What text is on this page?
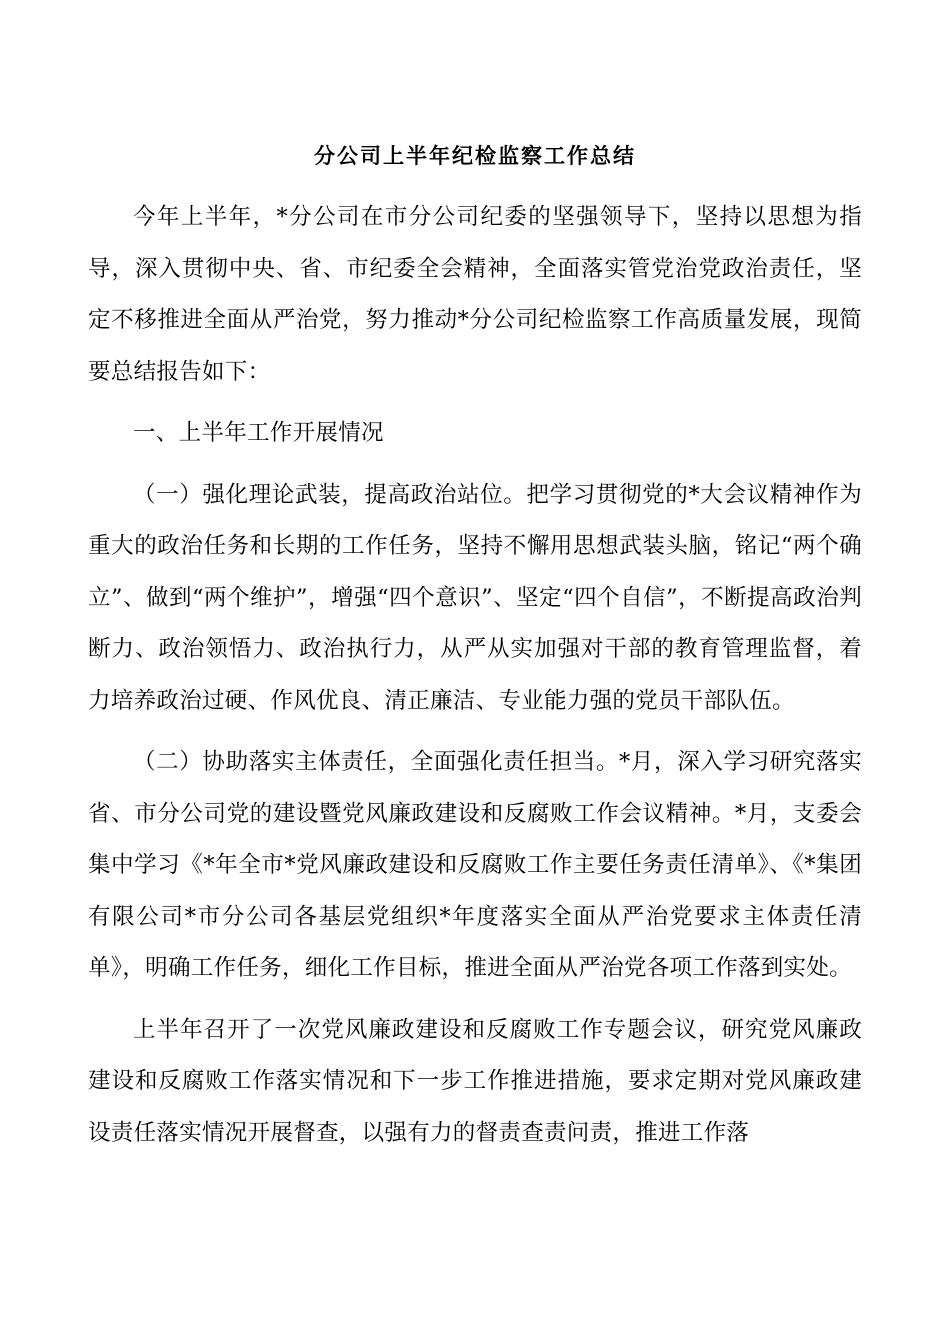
分公司上半年纪检监察工作总结

今年上半年，*分公司在市分公司纪委的坚强领导下，坚持以思想为指导，深入贯彻中央、省、市纪委全会精神，全面落实管党治党政治责任，坚定不移推进全面从严治党，努力推动*分公司纪检监察工作高质量发展，现简要总结报告如下：

一、上半年工作开展情况

（一）强化理论武装，提高政治站位。把学习贯彻党的*大会议精神作为重大的政治任务和长期的工作任务，坚持不懈用思想武装头脑，铭记“两个确立”、做到“两个维护”，增强“四个意识”、坚定“四个自信”，不断提高政治判断力、政治领悟力、政治执行力，从严从实加强对干部的教育管理监督，着力培养政治过硬、作风优良、清正廉洁、专业能力强的党员干部队伍。

（二）协助落实主体责任，全面强化责任担当。*月，深入学习研究落实省、市分公司党的建设暨党风廉政建设和反腐败工作会议精神。*月，支委会集中学习《*年全市*党风廉政建设和反腐败工作主要任务责任清单》、《*集团有限公司*市分公司各基层党组织*年度落实全面从严治党要求主体责任清单》，明确工作任务，细化工作目标，推进全面从严治党各项工作落到实处。

上半年召开了一次党风廉政建设和反腐败工作专题会议，研究党风廉政建设和反腐败工作落实情况和下一步工作推进措施，要求定期对党风廉政建设责任落实情况开展督查，以强有力的督责查责问责，推进工作落
